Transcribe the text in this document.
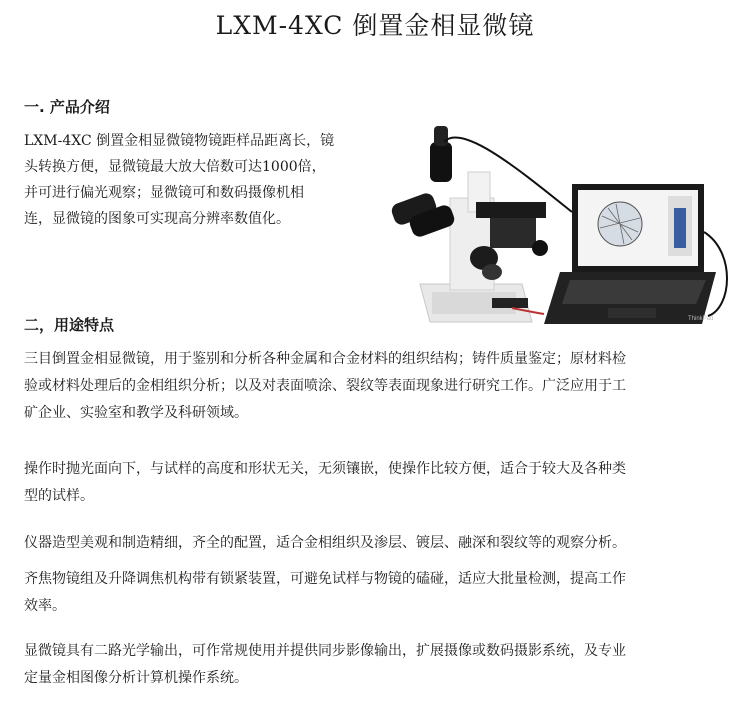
LXM-4XC 倒置金相显微镜
一. 产品介绍

LXM-4XC 倒置金相显微镜物镜距样品距离长，镜

头转换方便，显微镜最大放大倍数可达1000倍，

并可进行偏光观察；显微镜可和数码摄像机相

连，显微镜的图象可实现高分辨率数值化。

ThinkPad
二，用途特点

三目倒置金相显微镜，用于鉴别和分析各种金属和合金材料的组织结构；铸件质量鉴定；原材料检

验或材料处理后的金相组织分析；以及对表面喷涂、裂纹等表面现象进行研究工作。广泛应用于工

矿企业、实验室和教学及科研领域。

操作时抛光面向下，与试样的高度和形状无关，无须镶嵌，使操作比较方便，适合于较大及各种类

型的试样。

仪器造型美观和制造精细，齐全的配置，适合金相组织及渗层、镀层、融深和裂纹等的观察分析。

齐焦物镜组及升降调焦机构带有锁紧装置，可避免试样与物镜的磕碰，适应大批量检测，提高工作

效率。

显微镜具有二路光学输出，可作常规使用并提供同步影像输出，扩展摄像或数码摄影系统，及专业

定量金相图像分析计算机操作系统。
